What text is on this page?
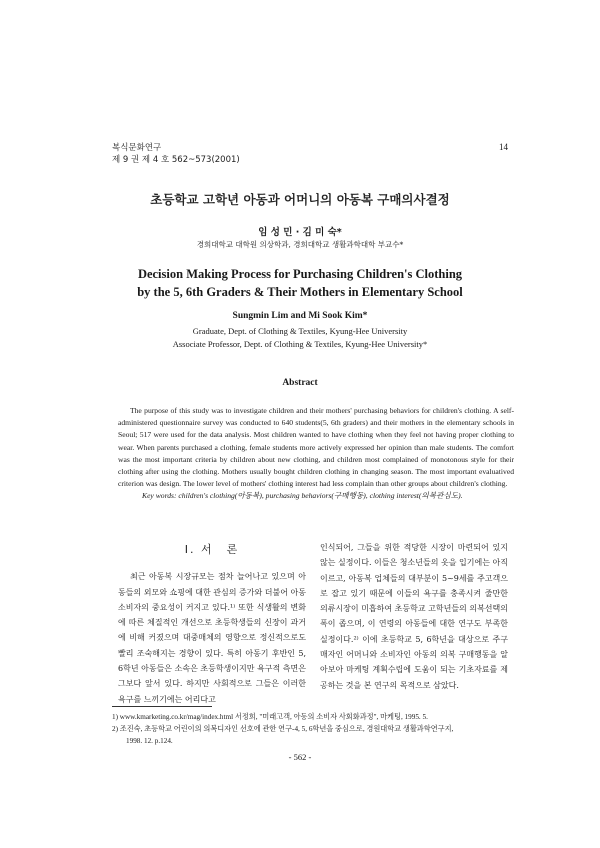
복식문화연구
제 9 권 제 4 호 562~573(2001)
14
초등학교 고학년 아동과 어머니의 아동복 구매의사결정
임 성 민 · 김 미 숙*
경희대학교 대학원 의상학과, 경희대학교 생활과학대학 부교수*
Decision Making Process for Purchasing Children's Clothing
by the 5, 6th Graders & Their Mothers in Elementary School
Sungmin Lim and Mi Sook Kim*
Graduate, Dept. of Clothing & Textiles, Kyung-Hee University
Associate Professor, Dept. of Clothing & Textiles, Kyung-Hee University*
Abstract

The purpose of this study was to investigate children and their mothers' purchasing behaviors for children's clothing. A self-administered questionnaire survey was conducted to 640 students(5, 6th graders) and their mothers in the elementary schools in Seoul; 517 were used for the data analysis. Most children wanted to have clothing when they feel not having proper clothing to wear. When parents purchased a clothing, female students more actively expressed her opinion than male students. The comfort was the most important criteria by children about new clothing, and children most complained of monotonous style for their clothing after using the clothing. Mothers usually bought children clothing in changing season. The most important evaluatived criterion was design. The lower level of mothers' clothing interest had less complain than other groups about children's clothing.

Key words: children's clothing(아동복), purchasing behaviors(구매행동), clothing interest(의복관심도).

Ⅰ. 서　론

최근 아동복 시장규모는 점차 늘어나고 있으며 아동들의 외모와 쇼핑에 대한 관심의 증가와 더불어 아동소비자의 중요성이 커지고 있다.¹⁾ 또한 식생활의 변화에 따른 체질적인 개선으로 초등학생들의 신장이 과거에 비해 커졌으며 대중매체의 영향으로 정신적으로도 빨리 조숙해지는 경향이 있다. 특히 아동기 후반인 5, 6학년 아동들은 소속은 초등학생이지만 욕구적 측면은 그보다 앞서 있다. 하지만 사회적으로 그들은 이러한 욕구를 느끼기에는 어리다고

인식되어, 그들을 위한 적당한 시장이 마련되어 있지 않는 실정이다. 이들은 청소년들의 옷을 입기에는 아직 이르고, 아동복 업체들의 대부분이 5~9세를 주고객으로 잡고 있기 때문에 이들의 욕구를 충족시켜 줄만한 의류시장이 미흡하여 초등학교 고학년들의 의복선택의 폭이 좁으며, 이 연령의 아동들에 대한 연구도 부족한 실정이다.²⁾ 이에 초등학교 5, 6학년을 대상으로 주구매자인 어머니와 소비자인 아동의 의복 구매행동을 알아보아 마케팅 계획수립에 도움이 되는 기초자료를 제공하는 것을 본 연구의 목적으로 삼았다.

1) www.kmarketing.co.kr/mag/index.html 서정희, "미래고객, 아동의 소비자 사회화과정", 마케팅, 1995. 5.
2) 조진숙, 초등학교 어린이의 의복디자인 선호에 관한 연구-4, 5, 6학년을 중심으로, 경원대학교 생활과학연구지,
1998. 12. p.124.
- 562 -
